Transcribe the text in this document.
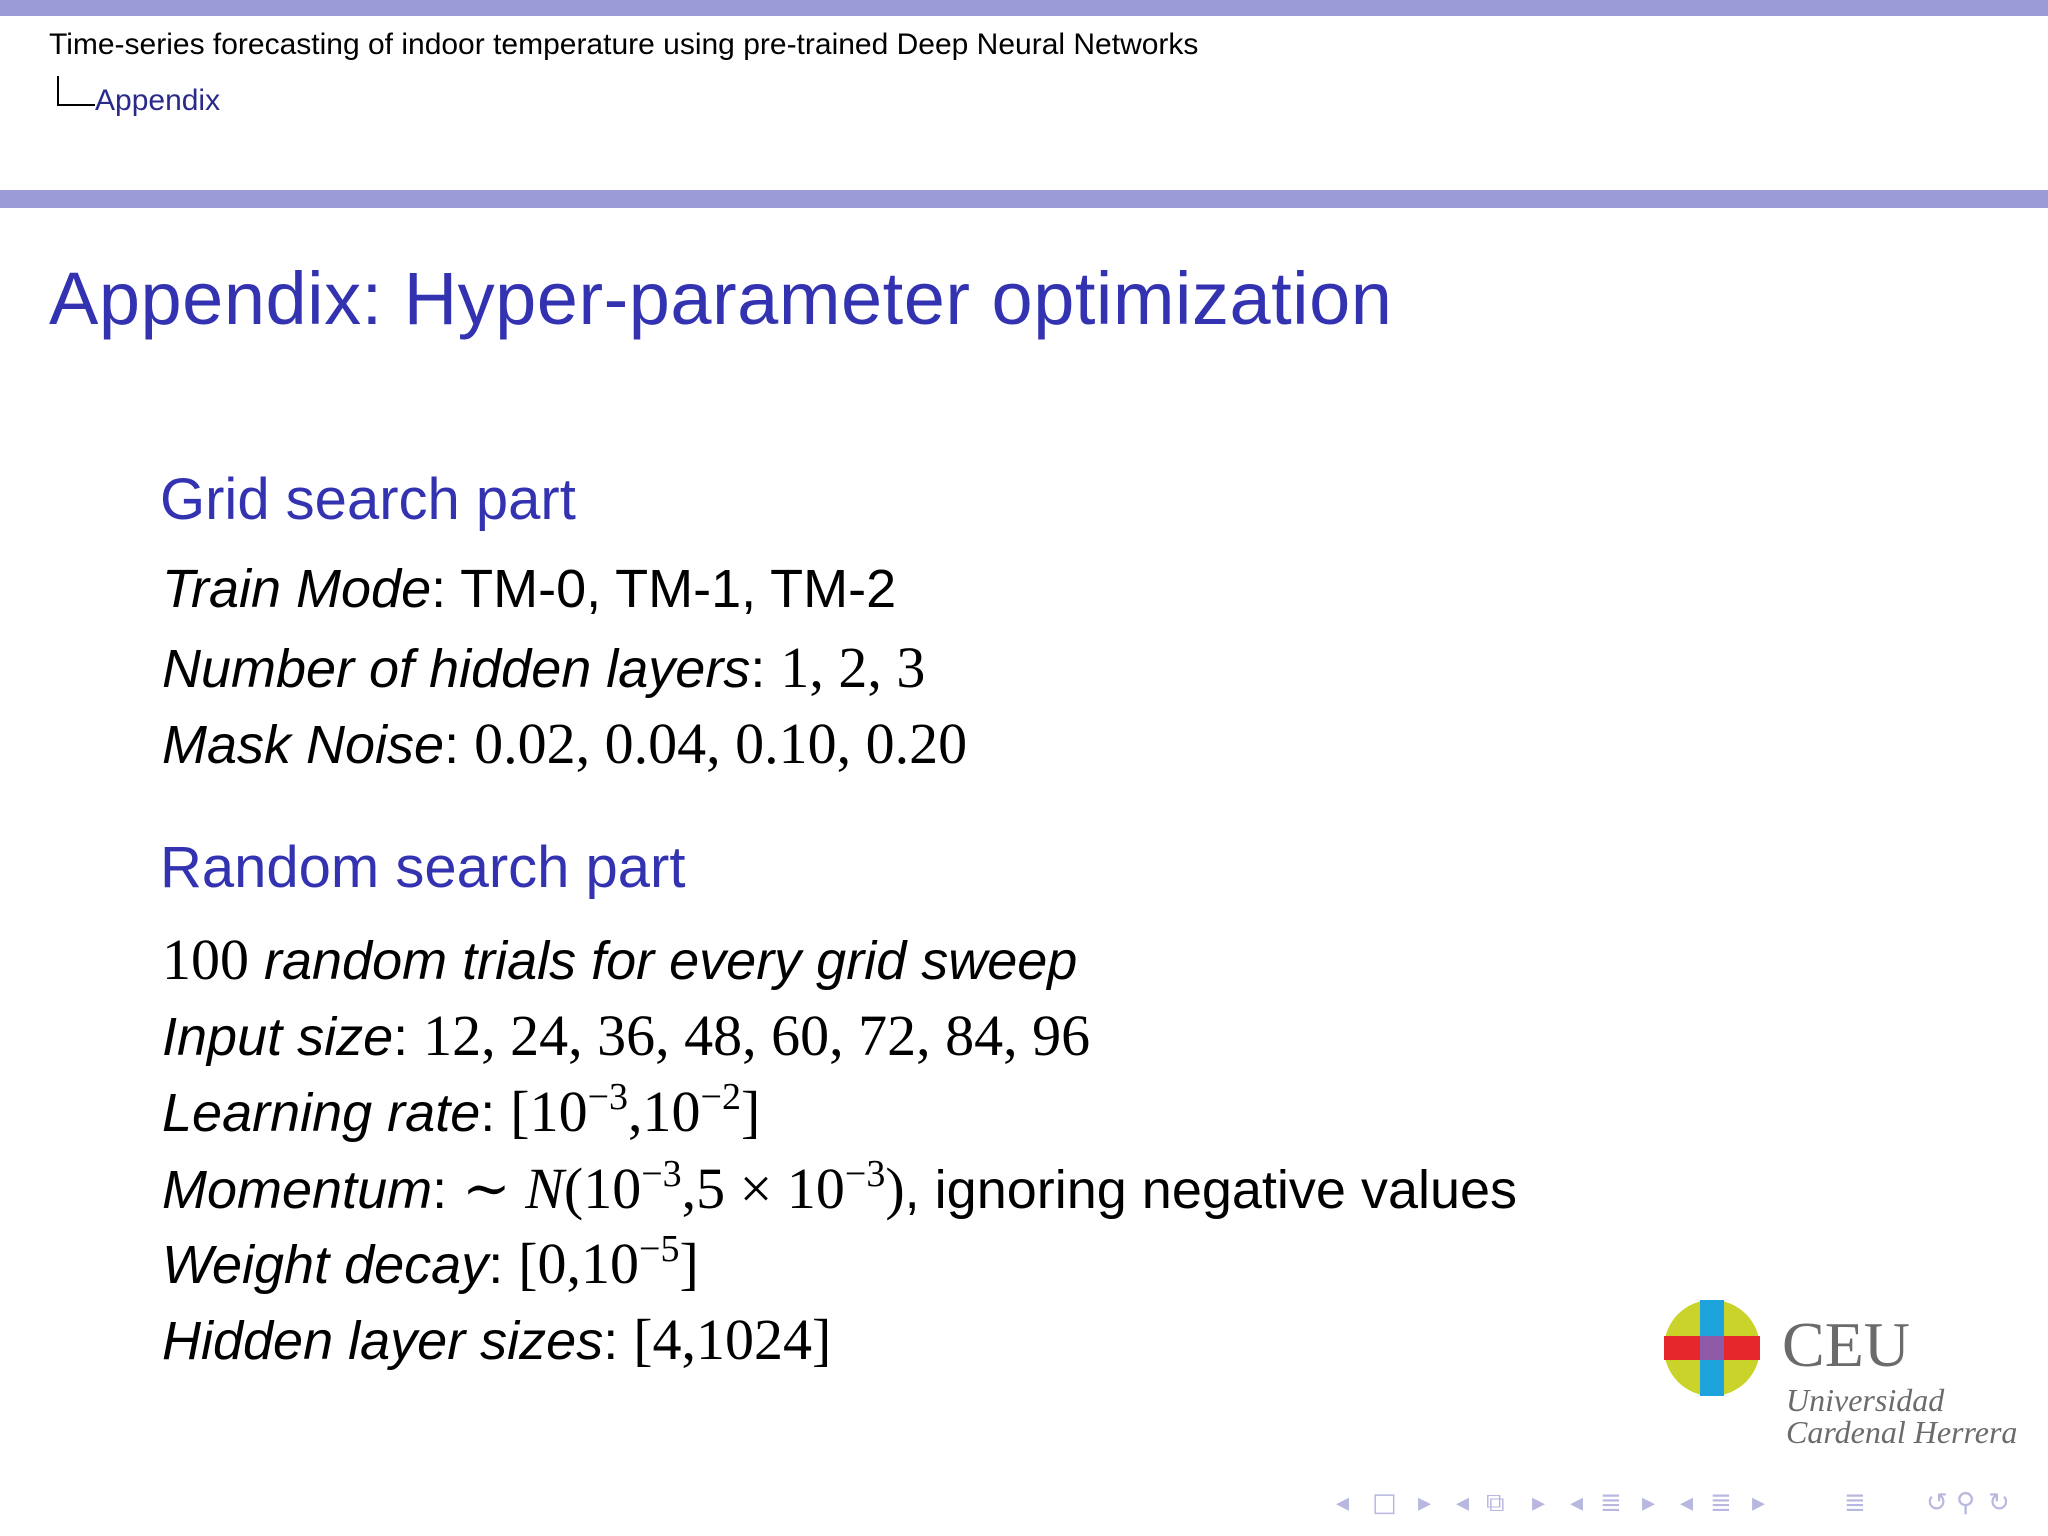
Time-series forecasting of indoor temperature using pre-trained Deep Neural Networks
Appendix
Appendix: Hyper-parameter optimization
Grid search part
Train Mode: TM-0, TM-1, TM-2
Number of hidden layers: 1, 2, 3
Mask Noise: 0.02, 0.04, 0.10, 0.20
Random search part
100 random trials for every grid sweep
Input size: 12, 24, 36, 48, 60, 72, 84, 96
Learning rate: $[10^{-3},10^{-2}]$
Momentum: ∼ $N(10^{-3},5 \times 10^{-3})$, ignoring negative values
Weight decay: $[0,10^{-5}]$
Hidden layer sizes: [4,1024]	CEU
Universidad
Cardenal Herrera
◂ □ ▸ ◂ ⧉ ▸ ◂ ≣ ▸ ◂ ≣ ▸	≣ ↺ ⚲ ↻
